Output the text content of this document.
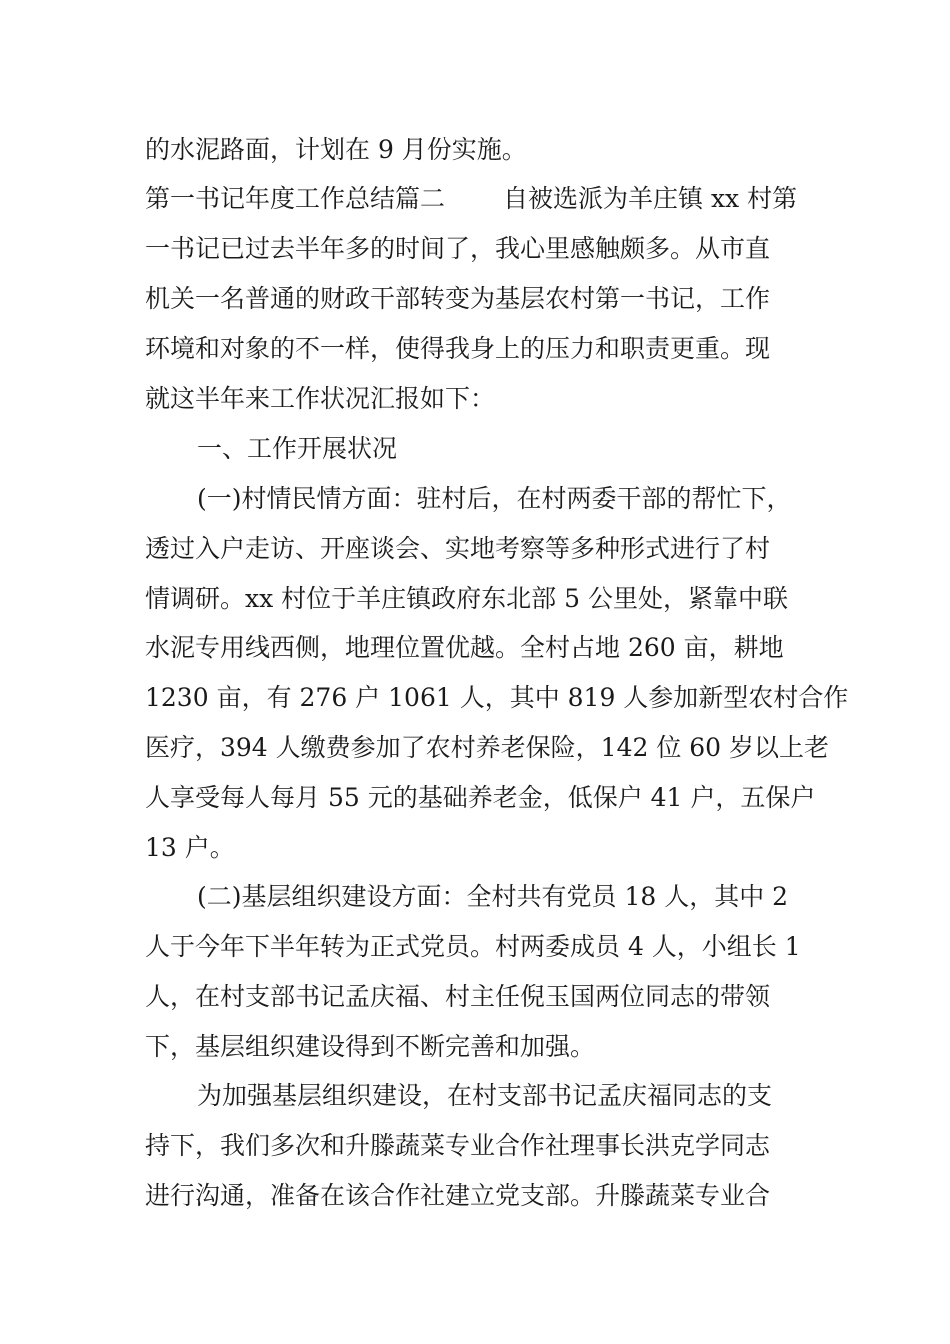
的水泥路面，计划在 9 月份实施。
第一书记年度工作总结篇二 自被选派为羊庄镇 xx 村第
一书记已过去半年多的时间了，我心里感触颇多。从市直
机关一名普通的财政干部转变为基层农村第一书记，工作
环境和对象的不一样，使得我身上的压力和职责更重。现
就这半年来工作状况汇报如下：
一、工作开展状况
(一)村情民情方面：驻村后，在村两委干部的帮忙下，
透过入户走访、开座谈会、实地考察等多种形式进行了村
情调研。xx 村位于羊庄镇政府东北部 5 公里处，紧靠中联
水泥专用线西侧，地理位置优越。全村占地 260 亩，耕地
1230 亩，有 276 户 1061 人，其中 819 人参加新型农村合作
医疗，394 人缴费参加了农村养老保险，142 位 60 岁以上老
人享受每人每月 55 元的基础养老金，低保户 41 户，五保户
13 户。
(二)基层组织建设方面：全村共有党员 18 人，其中 2
人于今年下半年转为正式党员。村两委成员 4 人，小组长 1
人，在村支部书记孟庆福、村主任倪玉国两位同志的带领
下，基层组织建设得到不断完善和加强。
为加强基层组织建设，在村支部书记孟庆福同志的支
持下，我们多次和升滕蔬菜专业合作社理事长洪克学同志
进行沟通，准备在该合作社建立党支部。升滕蔬菜专业合
